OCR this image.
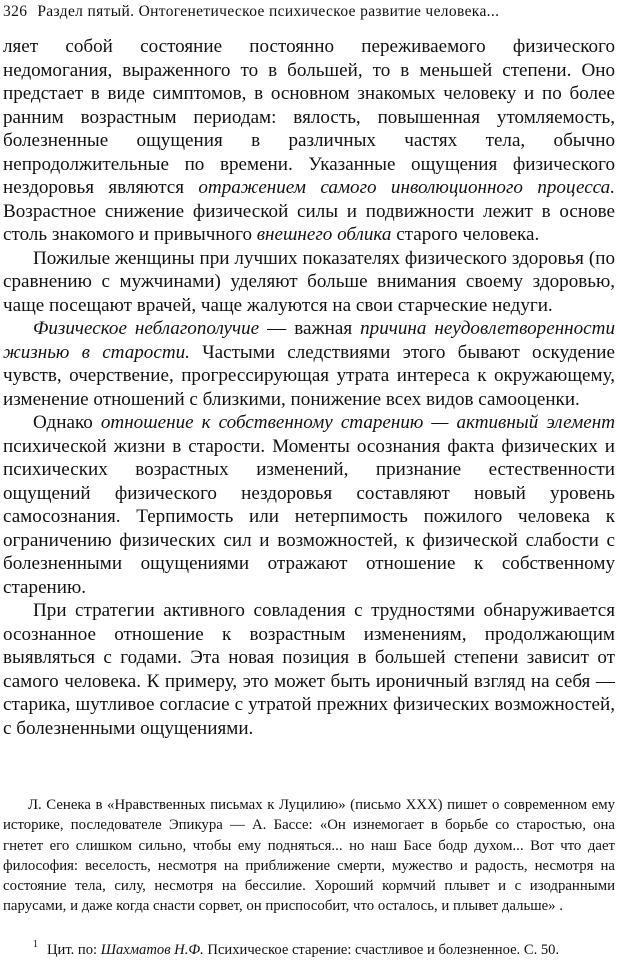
326 Раздел пятый. Онтогенетическое психическое развитие человека...

ляет собой состояние постоянно переживаемого физического недомогания, выраженного то в большей, то в меньшей степени. Оно предстает в виде симптомов, в основном знакомых человеку и по более ранним возрастным периодам: вялость, повышенная утомляемость, болезненные ощущения в различных частях тела, обычно непродолжительные по времени. Указанные ощущения физического нездоровья являются отражением самого инволюционного процесса. Возрастное снижение физической силы и подвижности лежит в основе столь знакомого и привычного внешнего облика старого человека.

Пожилые женщины при лучших показателях физического здоровья (по сравнению с мужчинами) уделяют больше внимания своему здоровью, чаще посещают врачей, чаще жалуются на свои старческие недуги.

Физическое неблагополучие — важная причина неудовлетворенности жизнью в старости. Частыми следствиями этого бывают оскудение чувств, очерствение, прогрессирующая утрата интереса к окружающему, изменение отношений с близкими, понижение всех видов самооценки.

Однако отношение к собственному старению — активный элемент психической жизни в старости. Моменты осознания факта физических и психических возрастных изменений, признание естественности ощущений физического нездоровья составляют новый уровень самосознания. Терпимость или нетерпимость пожилого человека к ограничению физических сил и возможностей, к физической слабости с болезненными ощущениями отражают отношение к собственному старению.

При стратегии активного совладения с трудностями обнаруживается осознанное отношение к возрастным изменениям, продолжающим выявляться с годами. Эта новая позиция в большей степени зависит от самого человека. К примеру, это может быть ироничный взгляд на себя — старика, шутливое согласие с утратой прежних физических возможностей, с болезненными ощущениями.

Л. Сенека в «Нравственных письмах к Луцилию» (письмо XXX) пишет о современном ему историке, последователе Эпикура — А. Бассе: «Он изнемогает в борьбе со старостью, она гнетет его слишком сильно, чтобы ему подняться... но наш Басе бодр духом... Вот что дает философия: веселость, несмотря на приближение смерти, мужество и радость, несмотря на состояние тела, силу, несмотря на бессилие. Хороший кормчий плывет и с изодранными парусами, и даже когда снасти сорвет, он приспособит, что осталось, и плывет дальше» .

$^1$ Цит. по: Шахматов Н.Ф. Психическое старение: счастливое и болезненное. С. 50.
